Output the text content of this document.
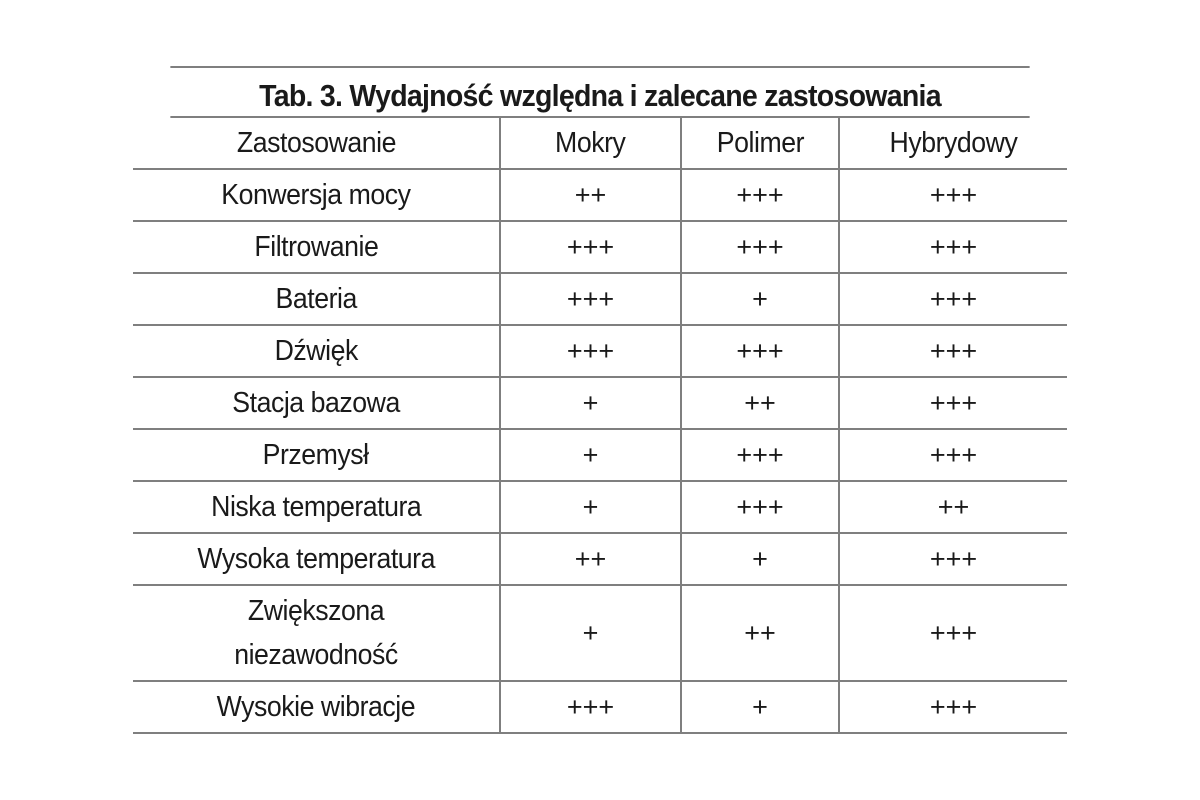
Tab. 3. Wydajność względna i zalecane zastosowania
Zastosowanie	Mokry	Polimer	Hybrydowy
Konwersja mocy	++	+++	+++
Filtrowanie	+++	+++	+++
Bateria	+++	+	+++
Dźwięk	+++	+++	+++
Stacja bazowa	+	++	+++
Przemysł	+	+++	+++
Niska temperatura	+	+++	++
Wysoka temperatura	++	+	+++
Zwiększona niezawodność	+	++	+++
Wysokie wibracje	+++	+	+++
